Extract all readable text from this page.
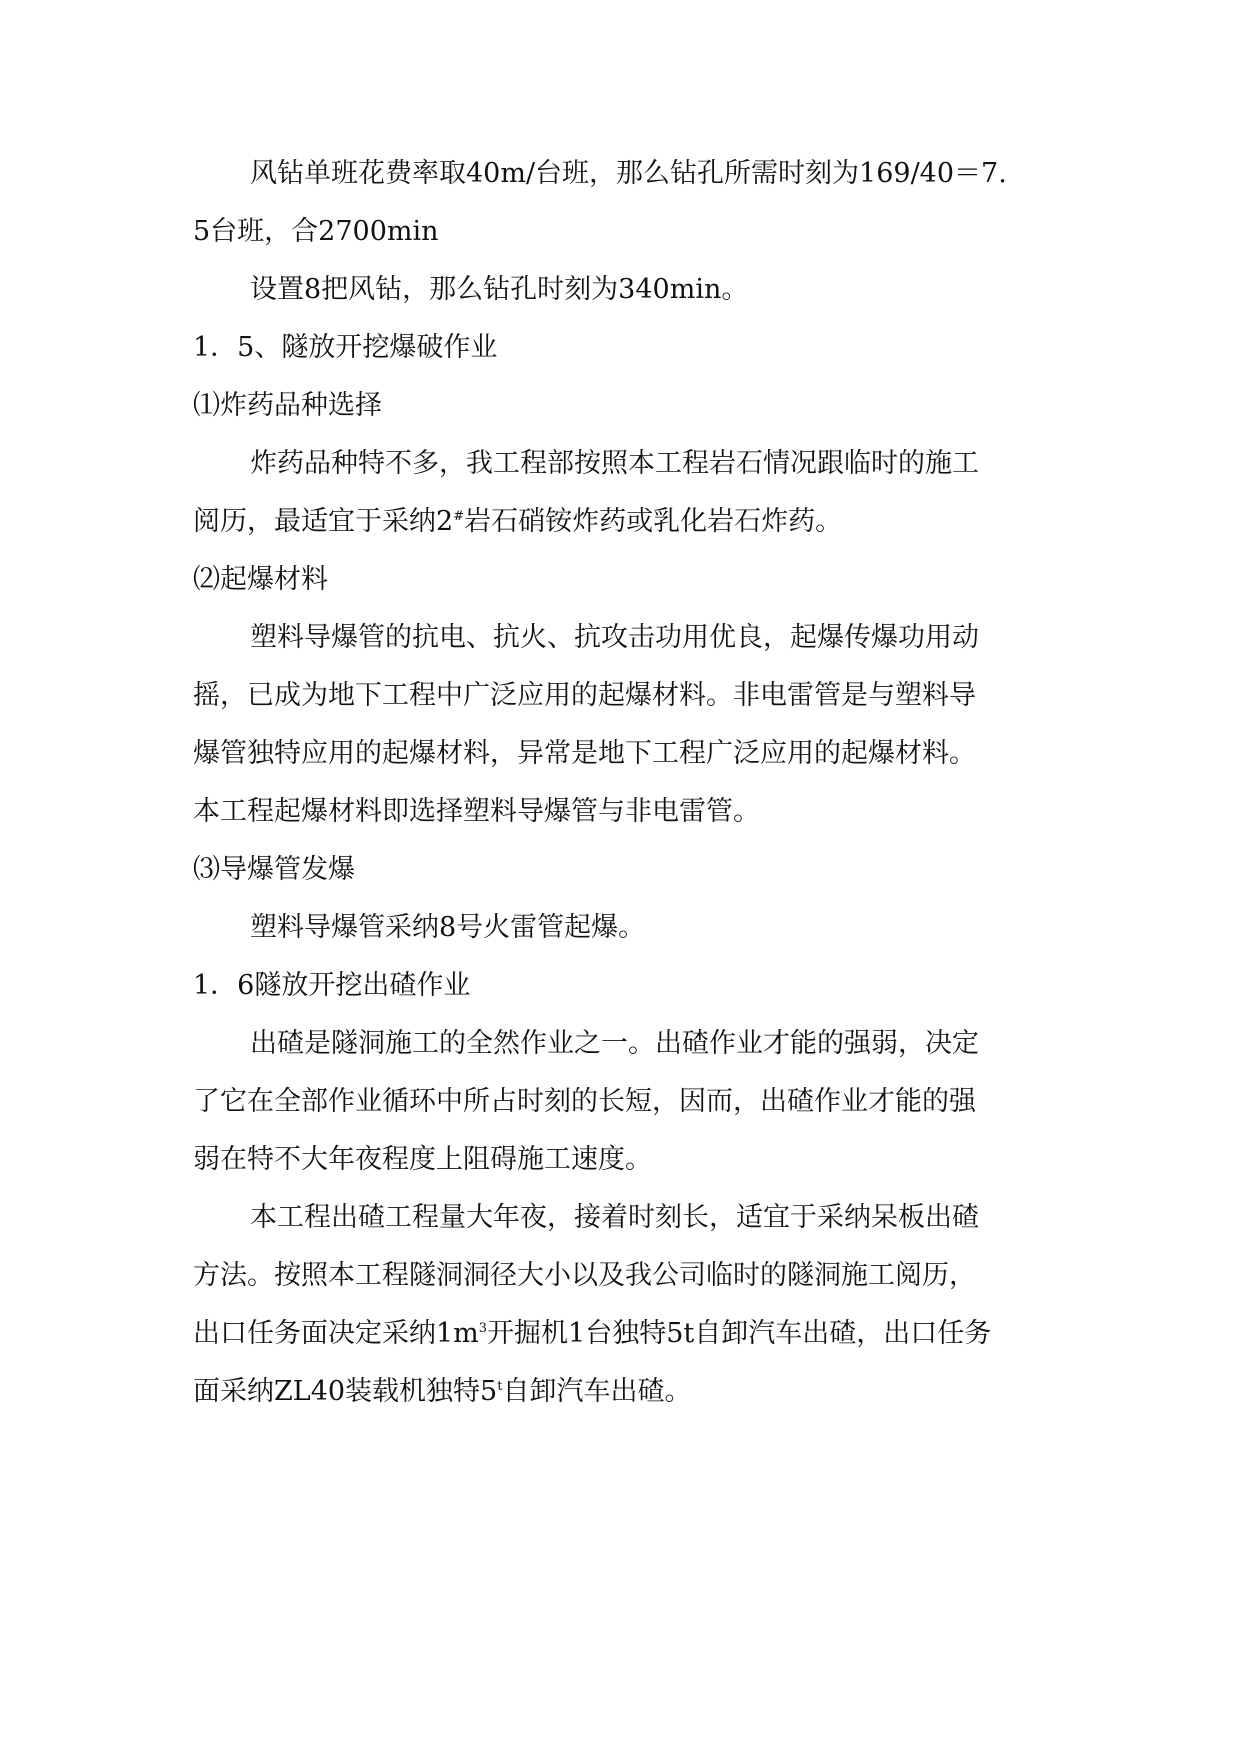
风钻单班花费率取40m/台班，那么钻孔所需时刻为169/40＝7.

5台班，合2700min

设置8把风钻，那么钻孔时刻为340min。

1．5、隧放开挖爆破作业

⑴炸药品种选择

炸药品种特不多，我工程部按照本工程岩石情况跟临时的施工

阅历，最适宜于采纳2#岩石硝铵炸药或乳化岩石炸药。

⑵起爆材料

塑料导爆管的抗电、抗火、抗攻击功用优良，起爆传爆功用动

摇，已成为地下工程中广泛应用的起爆材料。非电雷管是与塑料导

爆管独特应用的起爆材料，异常是地下工程广泛应用的起爆材料。

本工程起爆材料即选择塑料导爆管与非电雷管。

⑶导爆管发爆

塑料导爆管采纳8号火雷管起爆。

1．6隧放开挖出碴作业

出碴是隧洞施工的全然作业之一。出碴作业才能的强弱，决定

了它在全部作业循环中所占时刻的长短，因而，出碴作业才能的强

弱在特不大年夜程度上阻碍施工速度。

本工程出碴工程量大年夜，接着时刻长，适宜于采纳呆板出碴

方法。按照本工程隧洞洞径大小以及我公司临时的隧洞施工阅历，

出口任务面决定采纳$1m^3$开掘机1台独特5t自卸汽车出碴，出口任务

面采纳ZL40装载机独特5$^t$自卸汽车出碴。
